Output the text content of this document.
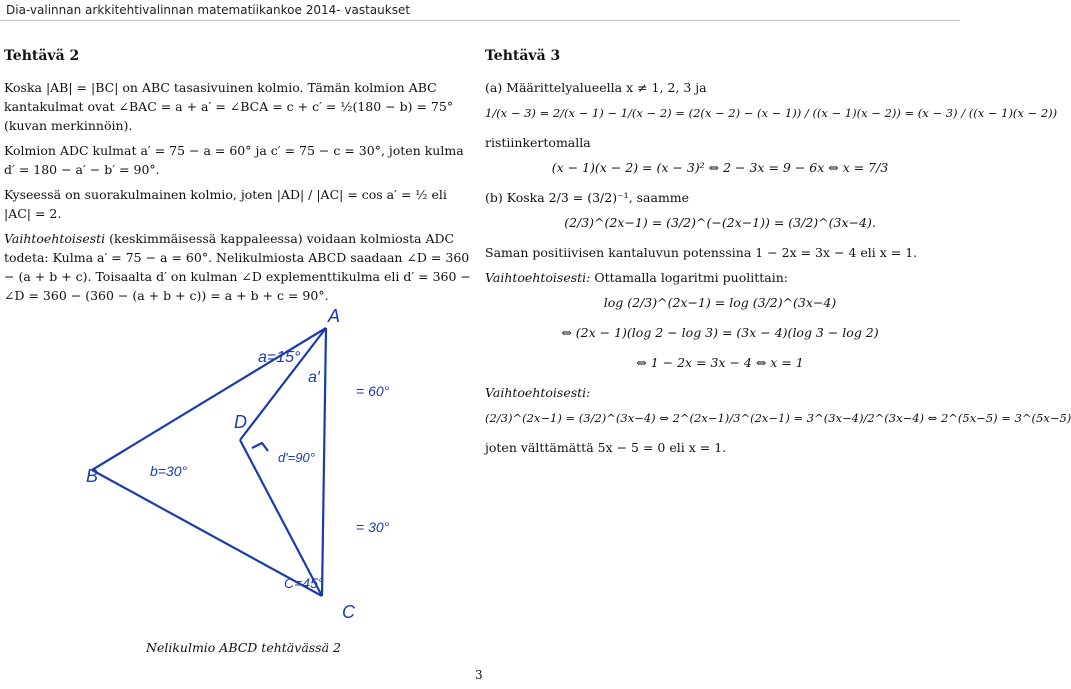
Dia-valinnan arkkitehtivalinnan matematiikankoe 2014- vastaukset
Tehtävä 2

Koska |AB| = |BC| on ABC tasasivuinen kolmio. Tämän kolmion ABC kantakulmat ovat ∠BAC = a + a′ = ∠BCA = c + c′ = ½(180 − b) = 75° (kuvan merkinnöin).

Kolmion ADC kulmat a′ = 75 − a = 60° ja c′ = 75 − c = 30°, joten kulma d′ = 180 − a′ − b′ = 90°.

Kyseessä on suorakulmainen kolmio, joten |AD| / |AC| = cos a′ = ½ eli |AC| = 2.

Vaihtoehtoisesti (keskimmäisessä kappaleessa) voidaan kolmiosta ADC todeta: Kulma a′ = 75 − a = 60°. Nelikulmiosta ABCD saadaan ∠D = 360 − (a + b + c). Toisaalta d′ on kulman ∠D explementtikulma eli d′ = 360 − ∠D = 360 − (360 − (a + b + c)) = a + b + c = 90°.

A
B
C
D
a=15°
a′
= 60°
b=30°
d′=90°
C=45°
= 30°
Nelikulmio ABCD tehtävässä 2
Tehtävä 3

(a) Määrittelyalueella x ≠ 1, 2, 3 ja

1/(x − 3) = 2/(x − 1) − 1/(x − 2) = (2(x − 2) − (x − 1)) / ((x − 1)(x − 2)) = (x − 3) / ((x − 1)(x − 2))

ristiinkertomalla

(x − 1)(x − 2) = (x − 3)² ⇔ 2 − 3x = 9 − 6x ⇔ x = 7/3

(b) Koska 2/3 = (3/2)⁻¹, saamme

(2/3)^(2x−1) = (3/2)^(−(2x−1)) = (3/2)^(3x−4).

Saman positiivisen kantaluvun potenssina 1 − 2x = 3x − 4 eli x = 1.

Vaihtoehtoisesti: Ottamalla logaritmi puolittain:

log (2/3)^(2x−1) = log (3/2)^(3x−4)
⇔ (2x − 1)(log 2 − log 3) = (3x − 4)(log 3 − log 2)
⇔ 1 − 2x = 3x − 4 ⇔ x = 1

Vaihtoehtoisesti:

(2/3)^(2x−1) = (3/2)^(3x−4) ⇔ 2^(2x−1)/3^(2x−1) = 3^(3x−4)/2^(3x−4) ⇔ 2^(5x−5) = 3^(5x−5)

joten välttämättä 5x − 5 = 0 eli x = 1.

3
